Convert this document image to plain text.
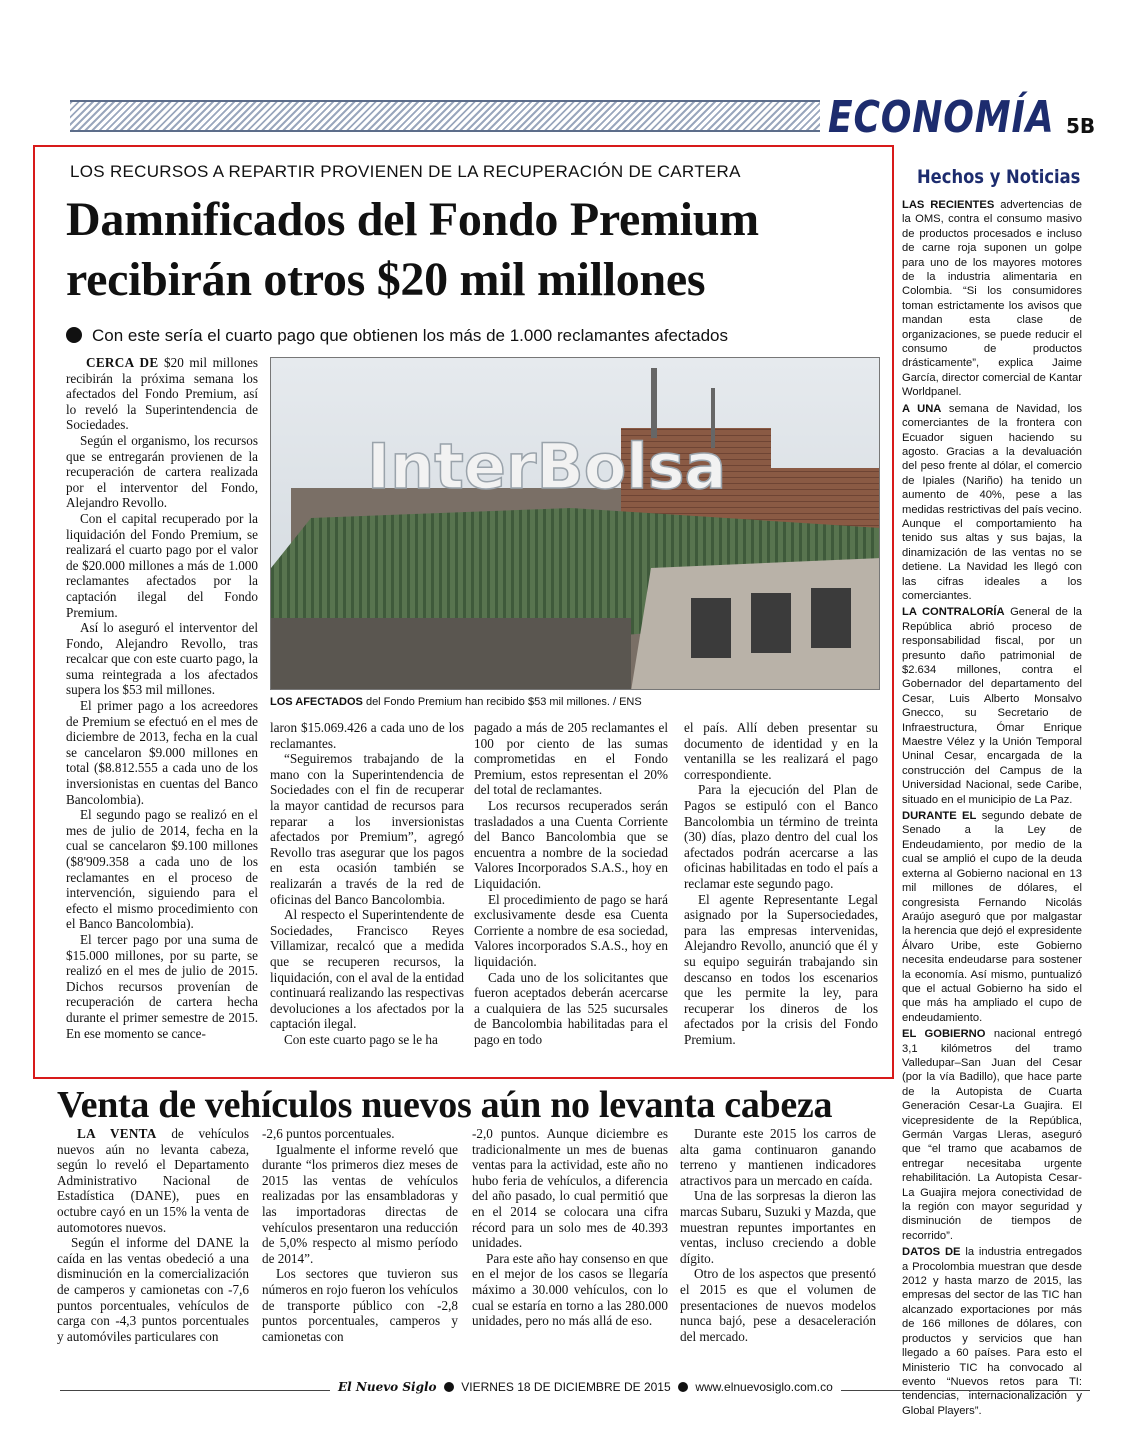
ECONOMÍA 5B
LOS RECURSOS A REPARTIR PROVIENEN DE LA RECUPERACIÓN DE CARTERA
Damnificados del Fondo Premium
recibirán otros $20 mil millones
Con este sería el cuarto pago que obtienen los más de 1.000 reclamantes afectados

CERCA DE $20 mil millones recibirán la próxima semana los afectados del Fondo Premium, así lo reveló la Superintendencia de Sociedades.

Según el organismo, los recursos que se entregarán provienen de la recuperación de cartera realizada por el interventor del Fondo, Alejandro Revollo.

Con el capital recuperado por la liquidación del Fondo Premium, se realizará el cuarto pago por el valor de $20.000 millones a más de 1.000 reclamantes afectados por la captación ilegal del Fondo Premium.

Así lo aseguró el interventor del Fondo, Alejandro Revollo, tras recalcar que con este cuarto pago, la suma reintegrada a los afectados supera los $53 mil millones.

El primer pago a los acreedores de Premium se efectuó en el mes de diciembre de 2013, fecha en la cual se cancelaron $9.000 millones en total ($8.812.555 a cada uno de los inversionistas en cuentas del Banco Bancolombia).

El segundo pago se realizó en el mes de julio de 2014, fecha en la cual se cancelaron $9.100 millones ($8'909.358 a cada uno de los reclamantes en el proceso de intervención, siguiendo para el efecto el mismo procedimiento con el Banco Bancolombia).

El tercer pago por una suma de $15.000 millones, por su parte, se realizó en el mes de julio de 2015. Dichos recursos provenían de recuperación de cartera hecha durante el primer semestre de 2015. En ese momento se cance-

InterBolsa
LOS AFECTADOS del Fondo Premium han recibido $53 mil millones. / ENS

laron $15.069.426 a cada uno de los reclamantes.

“Seguiremos trabajando de la mano con la Superintendencia de Sociedades con el fin de recuperar la mayor cantidad de recursos para reparar a los inversionistas afectados por Premium”, agregó Revollo tras asegurar que los pagos en esta ocasión también se realizarán a través de la red de oficinas del Banco Bancolombia.

Al respecto el Superintendente de Sociedades, Francisco Reyes Villamizar, recalcó que a medida que se recuperen recursos, la liquidación, con el aval de la entidad continuará realizando las respectivas devoluciones a los afectados por la captación ilegal.

Con este cuarto pago se le ha

pagado a más de 205 reclamantes el 100 por ciento de las sumas comprometidas en el Fondo Premium, estos representan el 20% del total de reclamantes.

Los recursos recuperados serán trasladados a una Cuenta Corriente del Banco Bancolombia que se encuentra a nombre de la sociedad Valores Incorporados S.A.S., hoy en Liquidación.

El procedimiento de pago se hará exclusivamente desde esa Cuenta Corriente a nombre de esa sociedad, Valores incorporados S.A.S., hoy en liquidación.

Cada uno de los solicitantes que fueron aceptados deberán acercarse a cualquiera de las 525 sucursales de Bancolombia habilitadas para el pago en todo

el país. Allí deben presentar su documento de identidad y en la ventanilla se les realizará el pago correspondiente.

Para la ejecución del Plan de Pagos se estipuló con el Banco Bancolombia un término de treinta (30) días, plazo dentro del cual los afectados podrán acercarse a las oficinas habilitadas en todo el país a reclamar este segundo pago.

El agente Representante Legal asignado por la Supersociedades, para las empresas intervenidas, Alejandro Revollo, anunció que él y su equipo seguirán trabajando sin descanso en todos los escenarios que les permite la ley, para recuperar los dineros de los afectados por la crisis del Fondo Premium.

Hechos y Noticias

LAS RECIENTES advertencias de la OMS, contra el consumo masivo de productos procesados e incluso de carne roja suponen un golpe para uno de los mayores motores de la industria alimentaria en Colombia. “Si los consumidores toman estrictamente los avisos que mandan esta clase de organizaciones, se puede reducir el consumo de productos drásticamente”, explica Jaime García, director comercial de Kantar Worldpanel.

A UNA semana de Navidad, los comerciantes de la frontera con Ecuador siguen haciendo su agosto. Gracias a la devaluación del peso frente al dólar, el comercio de Ipiales (Nariño) ha tenido un aumento de 40%, pese a las medidas restrictivas del país vecino. Aunque el comportamiento ha tenido sus altas y sus bajas, la dinamización de las ventas no se detiene. La Navidad les llegó con las cifras ideales a los comerciantes.

LA CONTRALORÍA General de la República abrió proceso de responsabilidad fiscal, por un presunto daño patrimonial de $2.634 millones, contra el Gobernador del departamento del Cesar, Luis Alberto Monsalvo Gnecco, su Secretario de Infraestructura, Ómar Enrique Maestre Vélez y la Unión Temporal Uninal Cesar, encargada de la construcción del Campus de la Universidad Nacional, sede Caribe, situado en el municipio de La Paz.

DURANTE EL segundo debate de Senado a la Ley de Endeudamiento, por medio de la cual se amplió el cupo de la deuda externa al Gobierno nacional en 13 mil millones de dólares, el congresista Fernando Nicolás Araújo aseguró que por malgastar la herencia que dejó el expresidente Álvaro Uribe, este Gobierno necesita endeudarse para sostener la economía. Así mismo, puntualizó que el actual Gobierno ha sido el que más ha ampliado el cupo de endeudamiento.

EL GOBIERNO nacional entregó 3,1 kilómetros del tramo Valledupar–San Juan del Cesar (por la vía Badillo), que hace parte de la Autopista de Cuarta Generación Cesar-La Guajira. El vicepresidente de la República, Germán Vargas Lleras, aseguró que “el tramo que acabamos de entregar necesitaba urgente rehabilitación. La Autopista Cesar-La Guajira mejora conectividad de la región con mayor seguridad y disminución de tiempos de recorrido”.

DATOS DE la industria entregados a Procolombia muestran que desde 2012 y hasta marzo de 2015, las empresas del sector de las TIC han alcanzado exportaciones por más de 166 millones de dólares, con productos y servicios que han llegado a 60 países. Para esto el Ministerio TIC ha convocado al evento “Nuevos retos para TI: tendencias, internacionalización y Global Players”.

Venta de vehículos nuevos aún no levanta cabeza

LA VENTA de vehículos nuevos aún no levanta cabeza, según lo reveló el Departamento Administrativo Nacional de Estadística (DANE), pues en octubre cayó en un 15% la venta de automotores nuevos.

Según el informe del DANE la caída en las ventas obedeció a una disminución en la comercialización de camperos y camionetas con -7,6 puntos porcentuales, vehículos de carga con -4,3 puntos porcentuales y automóviles particulares con

-2,6 puntos porcentuales.

Igualmente el informe reveló que durante “los primeros diez meses de 2015 las ventas de vehículos realizadas por las ensambladoras y las importadoras directas de vehículos presentaron una reducción de 5,0% respecto al mismo período de 2014”.

Los sectores que tuvieron sus números en rojo fueron los vehículos de transporte público con -2,8 puntos porcentuales, camperos y camionetas con

-2,0 puntos. Aunque diciembre es tradicionalmente un mes de buenas ventas para la actividad, este año no hubo feria de vehículos, a diferencia del año pasado, lo cual permitió que en el 2014 se colocara una cifra récord para un solo mes de 40.393 unidades.

Para este año hay consenso en que en el mejor de los casos se llegaría máximo a 30.000 vehículos, con lo cual se estaría en torno a las 280.000 unidades, pero no más allá de eso.

Durante este 2015 los carros de alta gama continuaron ganando terreno y mantienen indicadores atractivos para un mercado en caída.

Una de las sorpresas la dieron las marcas Subaru, Suzuki y Mazda, que muestran repuntes importantes en ventas, incluso creciendo a doble dígito.

Otro de los aspectos que presentó el 2015 es que el volumen de presentaciones de nuevos modelos nunca bajó, pese a desaceleración del mercado.

El Nuevo Siglo VIERNES 18 DE DICIEMBRE DE 2015 www.elnuevosiglo.com.co
